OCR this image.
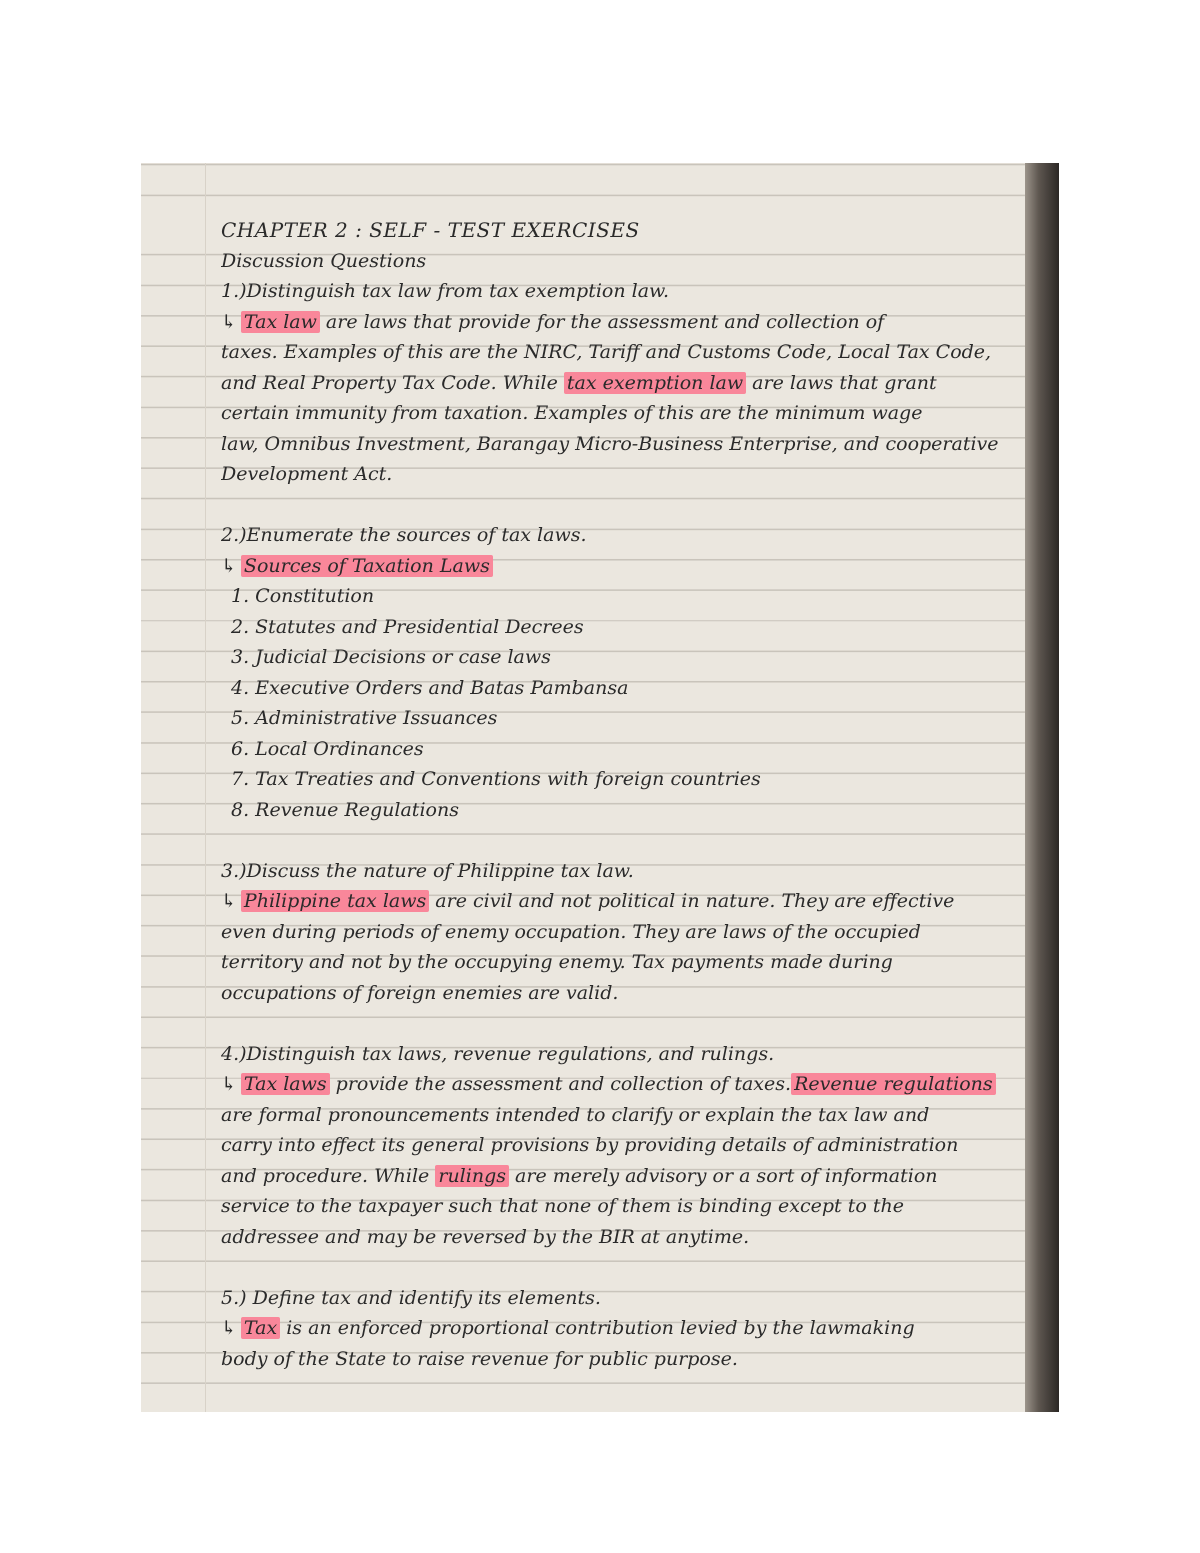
CHAPTER 2 : SELF - TEST EXERCISES
Discussion Questions
1.)Distinguish tax law from tax exemption law.
↳ Tax law are laws that provide for the assessment and collection of
taxes. Examples of this are the NIRC, Tariff and Customs Code, Local Tax Code,
and Real Property Tax Code. While tax exemption law are laws that grant
certain immunity from taxation. Examples of this are the minimum wage
law, Omnibus Investment, Barangay Micro-Business Enterprise, and cooperative
Development Act.
2.)Enumerate the sources of tax laws.
↳ Sources of Taxation Laws
1. Constitution
2. Statutes and Presidential Decrees
3. Judicial Decisions or case laws
4. Executive Orders and Batas Pambansa
5. Administrative Issuances
6. Local Ordinances
7. Tax Treaties and Conventions with foreign countries
8. Revenue Regulations
3.)Discuss the nature of Philippine tax law.
↳ Philippine tax laws are civil and not political in nature. They are effective
even during periods of enemy occupation. They are laws of the occupied
territory and not by the occupying enemy. Tax payments made during
occupations of foreign enemies are valid.
4.)Distinguish tax laws, revenue regulations, and rulings.
↳ Tax laws provide the assessment and collection of taxes. Revenue regulations
are formal pronouncements intended to clarify or explain the tax law and
carry into effect its general provisions by providing details of administration
and procedure. While rulings are merely advisory or a sort of information
service to the taxpayer such that none of them is binding except to the
addressee and may be reversed by the BIR at anytime.
5.) Define tax and identify its elements.
↳ Tax is an enforced proportional contribution levied by the lawmaking
body of the State to raise revenue for public purpose.
